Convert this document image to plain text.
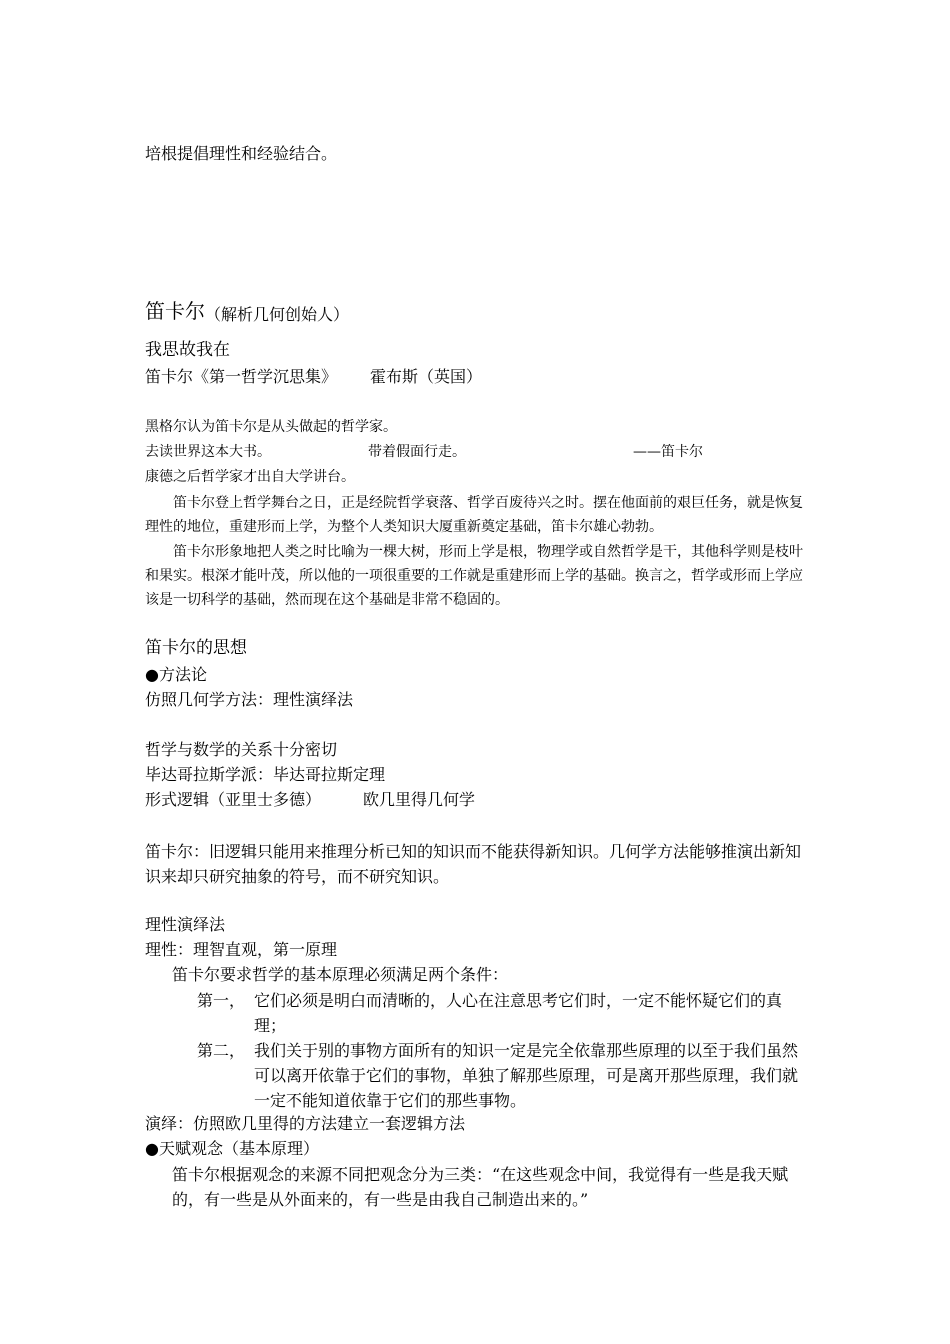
培根提倡理性和经验结合。
笛卡尔（解析几何创始人）
我思故我在
笛卡尔《第一哲学沉思集》 霍布斯（英国）
黑格尔认为笛卡尔是从头做起的哲学家。
去读世界这本大书。	带着假面行走。	——笛卡尔
康德之后哲学家才出自大学讲台。
笛卡尔登上哲学舞台之日，正是经院哲学衰落、哲学百废待兴之时。摆在他面前的艰巨任务，就是恢复理性的地位，重建形而上学，为整个人类知识大厦重新奠定基础，笛卡尔雄心勃勃。
笛卡尔形象地把人类之时比喻为一棵大树，形而上学是根，物理学或自然哲学是干，其他科学则是枝叶和果实。根深才能叶茂，所以他的一项很重要的工作就是重建形而上学的基础。换言之，哲学或形而上学应该是一切科学的基础，然而现在这个基础是非常不稳固的。
笛卡尔的思想
●方法论
仿照几何学方法：理性演绎法
哲学与数学的关系十分密切
毕达哥拉斯学派：毕达哥拉斯定理
形式逻辑（亚里士多德）	欧几里得几何学
笛卡尔：旧逻辑只能用来推理分析已知的知识而不能获得新知识。几何学方法能够推演出新知识来却只研究抽象的符号，而不研究知识。
理性演绎法
理性：理智直观，第一原理
笛卡尔要求哲学的基本原理必须满足两个条件：
第一， 它们必须是明白而清晰的，人心在注意思考它们时，一定不能怀疑它们的真理；
第二， 我们关于别的事物方面所有的知识一定是完全依靠那些原理的以至于我们虽然可以离开依靠于它们的事物，单独了解那些原理，可是离开那些原理，我们就一定不能知道依靠于它们的那些事物。
演绎：仿照欧几里得的方法建立一套逻辑方法
●天赋观念（基本原理）
笛卡尔根据观念的来源不同把观念分为三类：“在这些观念中间，我觉得有一些是我天赋的，有一些是从外面来的，有一些是由我自己制造出来的。”
